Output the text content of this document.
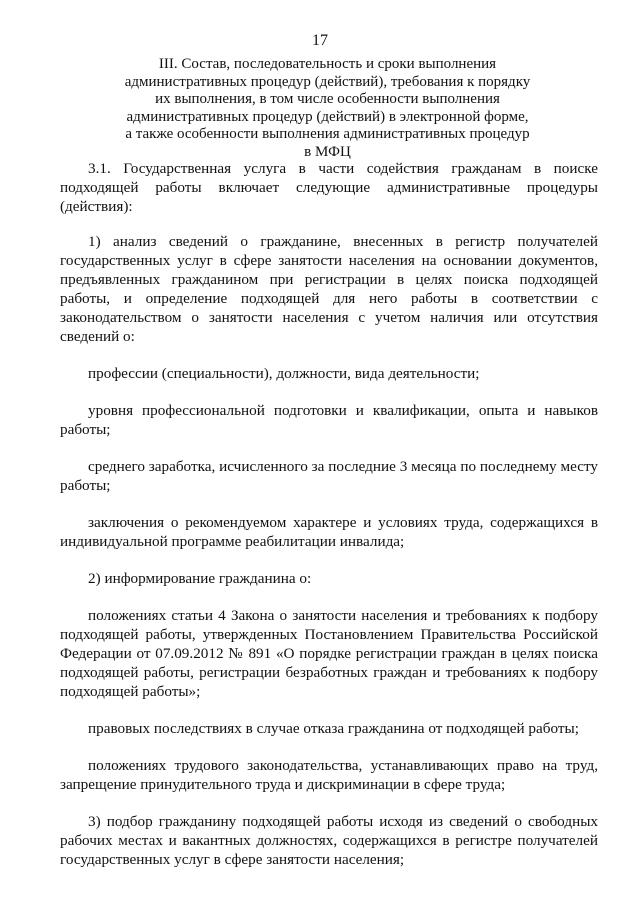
17
III. Состав, последовательность и сроки выполнения
административных процедур (действий), требования к порядку
их выполнения, в том числе особенности выполнения
административных процедур (действий) в электронной форме,
а также особенности выполнения административных процедур
в МФЦ

3.1. Государственная услуга в части содействия гражданам в поиске подходящей работы включает следующие административные процедуры (действия):

1) анализ сведений о гражданине, внесенных в регистр получателей государственных услуг в сфере занятости населения на основании документов, предъявленных гражданином при регистрации в целях поиска подходящей работы, и определение подходящей для него работы в соответствии с законодательством о занятости населения с учетом наличия или отсутствия сведений о:

профессии (специальности), должности, вида деятельности;

уровня профессиональной подготовки и квалификации, опыта и навыков работы;

среднего заработка, исчисленного за последние 3 месяца по последнему месту работы;

заключения о рекомендуемом характере и условиях труда, содержащихся в индивидуальной программе реабилитации инвалида;

2) информирование гражданина о:

положениях статьи 4 Закона о занятости населения и требованиях к подбору подходящей работы, утвержденных Постановлением Правительства Российской Федерации от 07.09.2012 № 891 «О порядке регистрации граждан в целях поиска подходящей работы, регистрации безработных граждан и требованиях к подбору подходящей работы»;

правовых последствиях в случае отказа гражданина от подходящей работы;

положениях трудового законодательства, устанавливающих право на труд, запрещение принудительного труда и дискриминации в сфере труда;

3) подбор гражданину подходящей работы исходя из сведений о свободных рабочих местах и вакантных должностях, содержащихся в регистре получателей государственных услуг в сфере занятости населения;
